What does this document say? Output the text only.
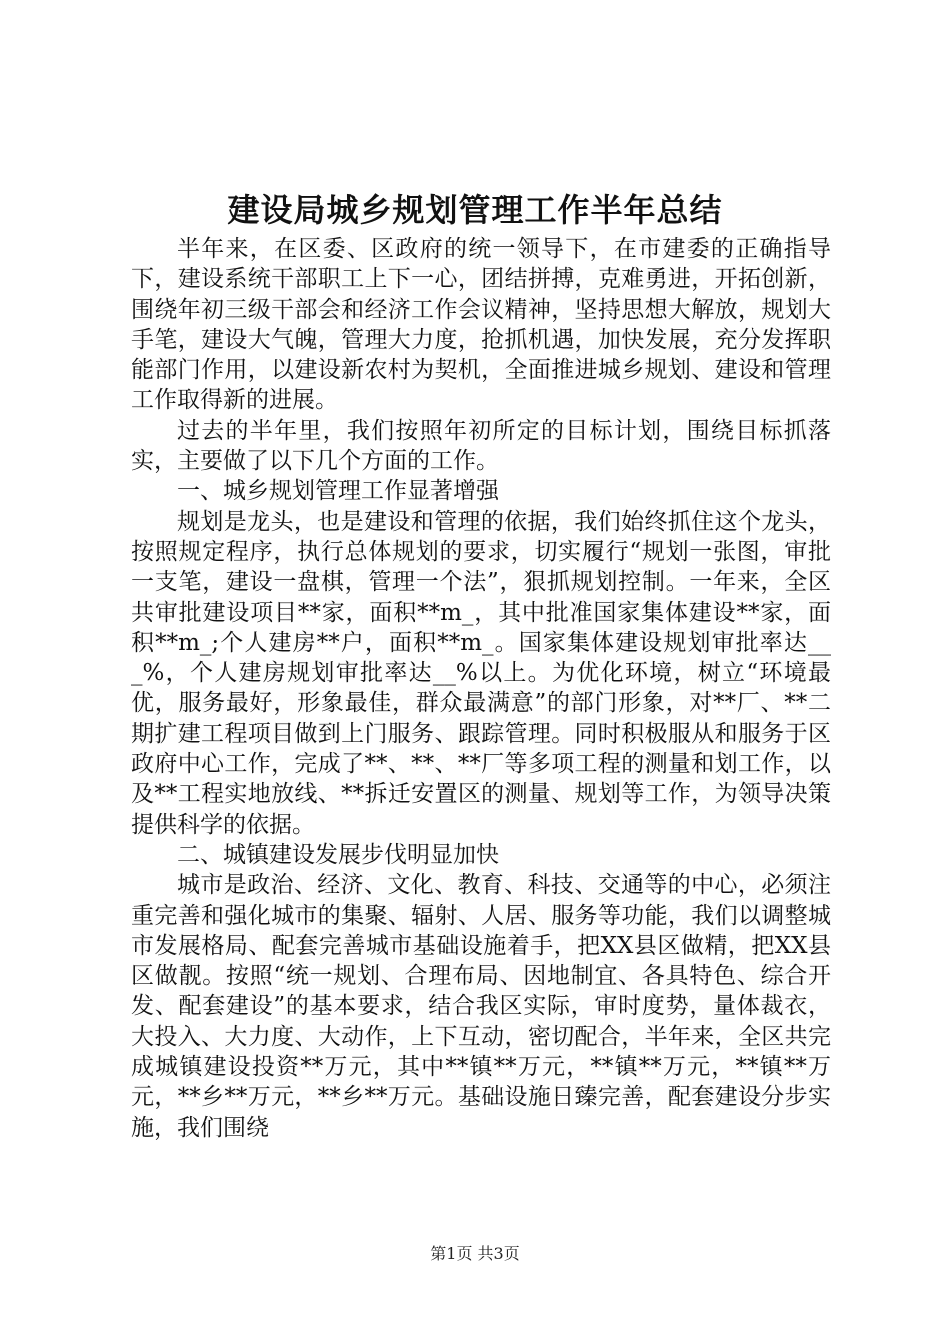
建设局城乡规划管理工作半年总结

半年来，在区委、区政府的统一领导下，在市建委的正确指导下，建设系统干部职工上下一心，团结拼搏，克难勇进，开拓创新，围绕年初三级干部会和经济工作会议精神，坚持思想大解放，规划大手笔，建设大气魄，管理大力度，抢抓机遇，加快发展，充分发挥职能部门作用，以建设新农村为契机，全面推进城乡规划、建设和管理工作取得新的进展。

过去的半年里，我们按照年初所定的目标计划，围绕目标抓落实，主要做了以下几个方面的工作。

一、城乡规划管理工作显著增强

规划是龙头，也是建设和管理的依据，我们始终抓住这个龙头，按照规定程序，执行总体规划的要求，切实履行“规划一张图，审批一支笔，建设一盘棋，管理一个法”，狠抓规划控制。一年来，全区共审批建设项目**家，面积**m_，其中批准国家集体建设**家，面积**m_;个人建房**户，面积**m_。国家集体建设规划审批率达___%，个人建房规划审批率达__%以上。为优化环境，树立“环境最优，服务最好，形象最佳，群众最满意”的部门形象，对**厂、**二期扩建工程项目做到上门服务、跟踪管理。同时积极服从和服务于区政府中心工作，完成了**、**、**厂等多项工程的测量和划工作，以及**工程实地放线、**拆迁安置区的测量、规划等工作，为领导决策提供科学的依据。

二、城镇建设发展步伐明显加快

城市是政治、经济、文化、教育、科技、交通等的中心，必须注重完善和强化城市的集聚、辐射、人居、服务等功能，我们以调整城市发展格局、配套完善城市基础设施着手，把XX县区做精，把XX县区做靓。按照“统一规划、合理布局、因地制宜、各具特色、综合开发、配套建设”的基本要求，结合我区实际，审时度势，量体裁衣，大投入、大力度、大动作，上下互动，密切配合，半年来，全区共完成城镇建设投资**万元，其中**镇**万元，**镇**万元，**镇**万元，**乡**万元，**乡**万元。基础设施日臻完善，配套建设分步实施，我们围绕

第1页 共3页
